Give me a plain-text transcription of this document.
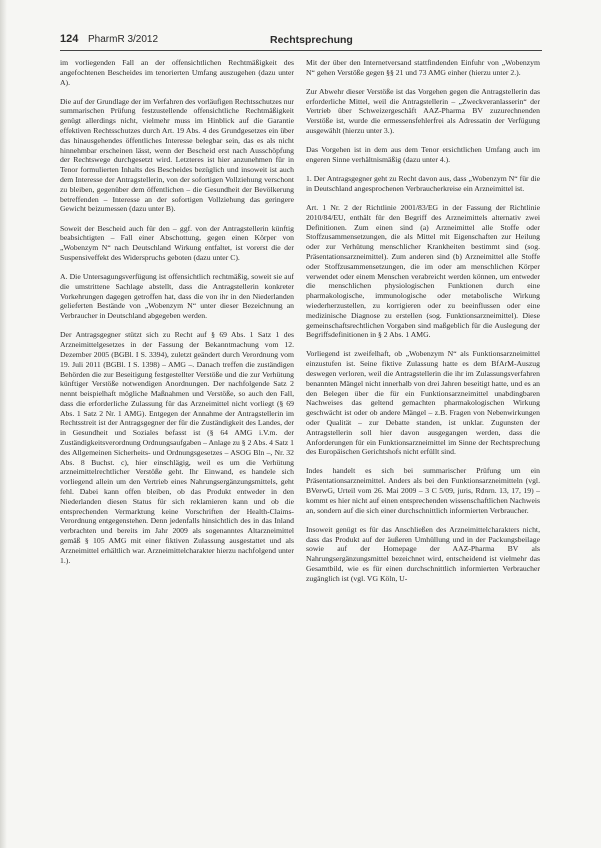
124 PharmR 3/2012	Rechtsprechung

im vorliegenden Fall an der offensichtlichen Rechtmäßigkeit des angefochtenen Bescheides im tenorierten Umfang auszugehen (dazu unter A).

Die auf der Grundlage der im Verfahren des vorläufigen Rechtsschutzes nur summarischen Prüfung festzustellende offensichtliche Rechtmäßigkeit genügt allerdings nicht, vielmehr muss im Hinblick auf die Garantie effektiven Rechtsschutzes durch Art. 19 Abs. 4 des Grundgesetzes ein über das hinausgehendes öffentliches Interesse belegbar sein, das es als nicht hinnehmbar erscheinen lässt, wenn der Bescheid erst nach Ausschöpfung der Rechtswege durchgesetzt wird. Letzteres ist hier anzunehmen für in Tenor formulierten Inhalts des Bescheides bezüglich und insoweit ist auch dem Interesse der Antragstellerin, von der sofortigen Vollziehung verschont zu bleiben, gegenüber dem öffentlichen – die Gesundheit der Bevölkerung betreffenden – Interesse an der sofortigen Vollziehung das geringere Gewicht beizumessen (dazu unter B).

Soweit der Bescheid auch für den – ggf. von der Antragstellerin künftig beabsichtigten – Fall einer Abschottung, gegen einen Körper von „Wobenzym N“ nach Deutschland Wirkung entfaltet, ist vorerst die der Suspensiveffekt des Widerspruchs geboten (dazu unter C).

A. Die Untersagungsverfügung ist offensichtlich rechtmäßig, soweit sie auf die umstrittene Sachlage abstellt, dass die Antragstellerin konkreter Vorkehrungen dagegen getroffen hat, dass die von ihr in den Niederlanden gelieferten Bestände von „Wobenzym N“ unter dieser Bezeichnung an Verbraucher in Deutschland abgegeben werden.

Der Antragsgegner stützt sich zu Recht auf § 69 Abs. 1 Satz 1 des Arzneimittelgesetzes in der Fassung der Bekanntmachung vom 12. Dezember 2005 (BGBl. I S. 3394), zuletzt geändert durch Verordnung vom 19. Juli 2011 (BGBl. I S. 1398) – AMG –. Danach treffen die zuständigen Behörden die zur Beseitigung festgestellter Verstöße und die zur Verhütung künftiger Verstöße notwendigen Anordnungen. Der nachfolgende Satz 2 nennt beispielhaft mögliche Maßnahmen und Verstöße, so auch den Fall, dass die erforderliche Zulassung für das Arzneimittel nicht vorliegt (§ 69 Abs. 1 Satz 2 Nr. 1 AMG). Entgegen der Annahme der Antragstellerin im Rechtsstreit ist der Antragsgegner der für die Zuständigkeit des Landes, der in Gesundheit und Soziales befasst ist (§ 64 AMG i.V.m. der Zuständigkeitsverordnung Ordnungsaufgaben – Anlage zu § 2 Abs. 4 Satz 1 des Allgemeinen Sicherheits- und Ordnungsgesetzes – ASOG Bln –, Nr. 32 Abs. 8 Buchst. c), hier einschlägig, weil es um die Verhütung arzneimittelrechtlicher Verstöße geht. Ihr Einwand, es handele sich vorliegend allein um den Vertrieb eines Nahrungsergänzungsmittels, geht fehl. Dabei kann offen bleiben, ob das Produkt entweder in den Niederlanden diesen Status für sich reklamieren kann und ob die entsprechenden Vermarktung keine Vorschriften der Health-Claims-Verordnung entgegenstehen. Denn jedenfalls hinsichtlich des in das Inland verbrachten und bereits im Jahr 2009 als sogenanntes Altarzneimittel gemäß § 105 AMG mit einer fiktiven Zulassung ausgestattet und als Arzneimittel erhältlich war. Arzneimittelcharakter hierzu nachfolgend unter 1.).

Mit der über den Internetversand stattfindenden Einfuhr von „Wobenzym N“ gehen Verstöße gegen §§ 21 und 73 AMG einher (hierzu unter 2.).

Zur Abwehr dieser Verstöße ist das Vorgehen gegen die Antragstellerin das erforderliche Mittel, weil die Antragstellerin – „Zweckveranlasserin“ der Vertrieb über Schweizergeschäft AAZ-Pharma BV zuzurechnenden Verstöße ist, wurde die ermessensfehlerfrei als Adressatin der Verfügung ausgewählt (hierzu unter 3.).

Das Vorgehen ist in dem aus dem Tenor ersichtlichen Umfang auch im engeren Sinne verhältnismäßig (dazu unter 4.).

1. Der Antragsgegner geht zu Recht davon aus, dass „Wobenzym N“ für die in Deutschland angesprochenen Verbraucherkreise ein Arzneimittel ist.

Art. 1 Nr. 2 der Richtlinie 2001/83/EG in der Fassung der Richtlinie 2010/84/EU, enthält für den Begriff des Arzneimittels alternativ zwei Definitionen. Zum einen sind (a) Arzneimittel alle Stoffe oder Stoffzusammensetzungen, die als Mittel mit Eigenschaften zur Heilung oder zur Verhütung menschlicher Krankheiten bestimmt sind (sog. Präsentationsarzneimittel). Zum anderen sind (b) Arzneimittel alle Stoffe oder Stoffzusammensetzungen, die im oder am menschlichen Körper verwendet oder einem Menschen verabreicht werden können, um entweder die menschlichen physiologischen Funktionen durch eine pharmakologische, immunologische oder metabolische Wirkung wiederherzustellen, zu korrigieren oder zu beeinflussen oder eine medizinische Diagnose zu erstellen (sog. Funktionsarzneimittel). Diese gemeinschaftsrechtlichen Vorgaben sind maßgeblich für die Auslegung der Begriffsdefinitionen in § 2 Abs. 1 AMG.

Vorliegend ist zweifelhaft, ob „Wobenzym N“ als Funktionsarzneimittel einzustufen ist. Seine fiktive Zulassung hatte es dem BfArM-Auszug deswegen verloren, weil die Antragstellerin die ihr im Zulassungsverfahren benannten Mängel nicht innerhalb von drei Jahren beseitigt hatte, und es an den Belegen über die für ein Funktionsarzneimittel unabdingbaren Nachweises das geltend gemachten pharmakologischen Wirkung geschwächt ist oder ob andere Mängel – z.B. Fragen von Nebenwirkungen oder Qualität – zur Debatte standen, ist unklar. Zugunsten der Antragstellerin soll hier davon ausgegangen werden, dass die Anforderungen für ein Funktionsarzneimittel im Sinne der Rechtsprechung des Europäischen Gerichtshofs nicht erfüllt sind.

Indes handelt es sich bei summarischer Prüfung um ein Präsentationsarzneimittel. Anders als bei den Funktionsarzneimitteln (vgl. BVerwG, Urteil vom 26. Mai 2009 – 3 C 5/09, juris, Rdnrn. 13, 17, 19) – kommt es hier nicht auf einen entsprechenden wissenschaftlichen Nachweis an, sondern auf die sich einer durchschnittlich informierten Verbraucher.

Insoweit genügt es für das Anschließen des Arzneimittelcharakters nicht, dass das Produkt auf der äußeren Umhüllung und in der Packungsbeilage sowie auf der Homepage der AAZ-Pharma BV als Nahrungsergänzungsmittel bezeichnet wird, entscheidend ist vielmehr das Gesamtbild, wie es für einen durchschnittlich informierten Verbraucher zugänglich ist (vgl. VG Köln, U-
